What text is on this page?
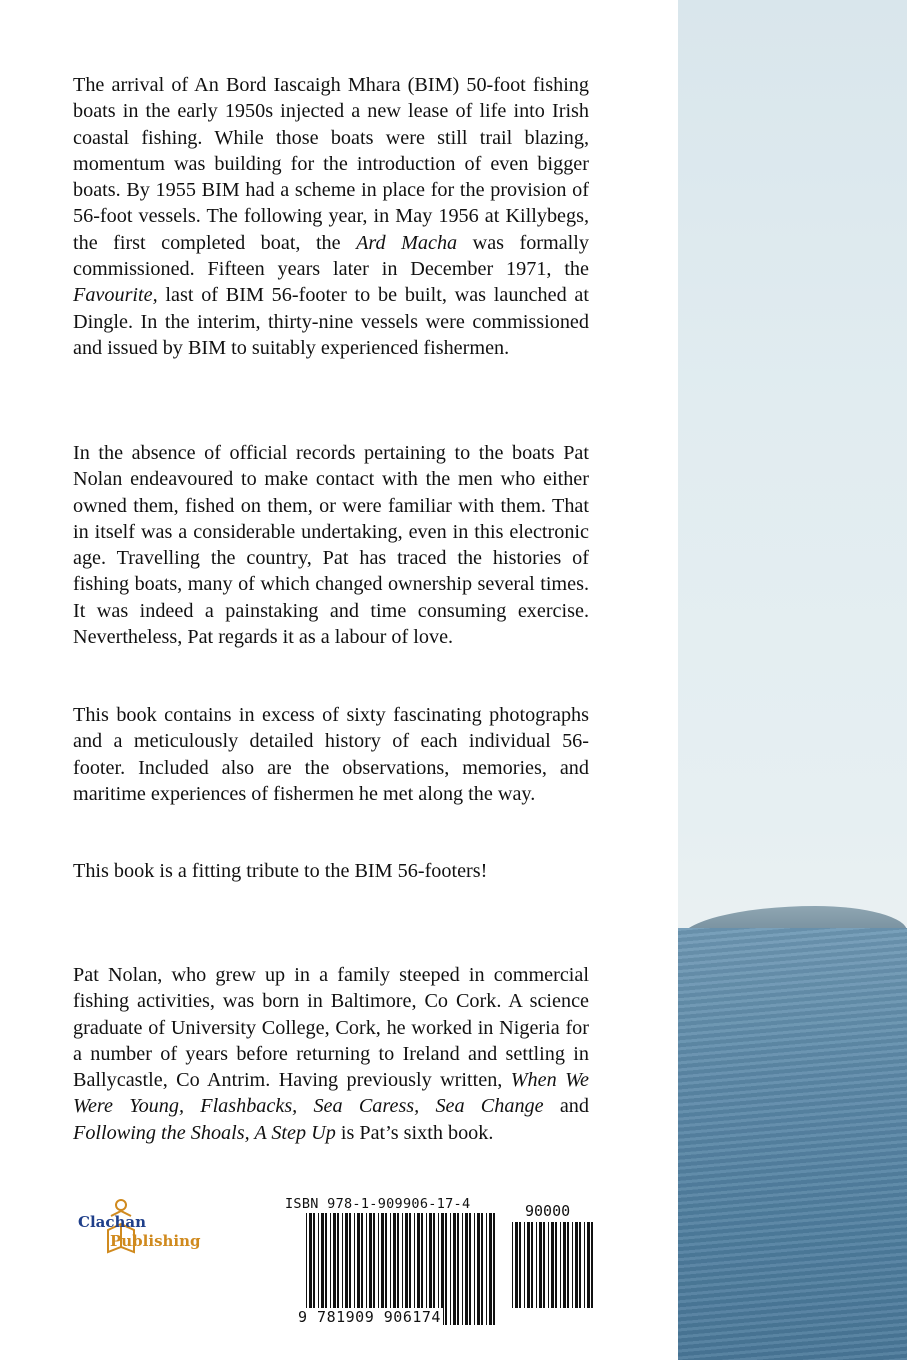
The arrival of An Bord Iascaigh Mhara (BIM) 50-foot fishing boats in the early 1950s injected a new lease of life into Irish coastal fishing. While those boats were still trail blazing, momentum was building for the introduction of even bigger boats. By 1955 BIM had a scheme in place for the provision of 56-foot vessels. The following year, in May 1956 at Killybegs, the first completed boat, the Ard Macha was formally commissioned. Fifteen years later in December 1971, the Favourite, last of BIM 56-footer to be built, was launched at Dingle. In the interim, thirty-nine vessels were commissioned and issued by BIM to suitably experienced fishermen.

In the absence of official records pertaining to the boats Pat Nolan endeavoured to make contact with the men who either owned them, fished on them, or were familiar with them. That in itself was a considerable undertaking, even in this electronic age. Travelling the country, Pat has traced the histories of fishing boats, many of which changed ownership several times. It was indeed a painstaking and time consuming exercise. Nevertheless, Pat regards it as a labour of love.

This book contains in excess of sixty fascinating photographs and a meticulously detailed history of each individual 56-footer. Included also are the observations, memories, and maritime experiences of fishermen he met along the way.

This book is a fitting tribute to the BIM 56-footers!

Pat Nolan, who grew up in a family steeped in commercial fishing activities, was born in Baltimore, Co Cork. A science graduate of University College, Cork, he worked in Nigeria for a number of years before returning to Ireland and settling in Ballycastle, Co Antrim. Having previously written, When We Were Young, Flashbacks, Sea Caress, Sea Change and Following the Shoals, A Step Up is Pat’s sixth book.

Clachan
Publishing
ISBN 978-1-909906-17-4	90000
9 781909 906174
